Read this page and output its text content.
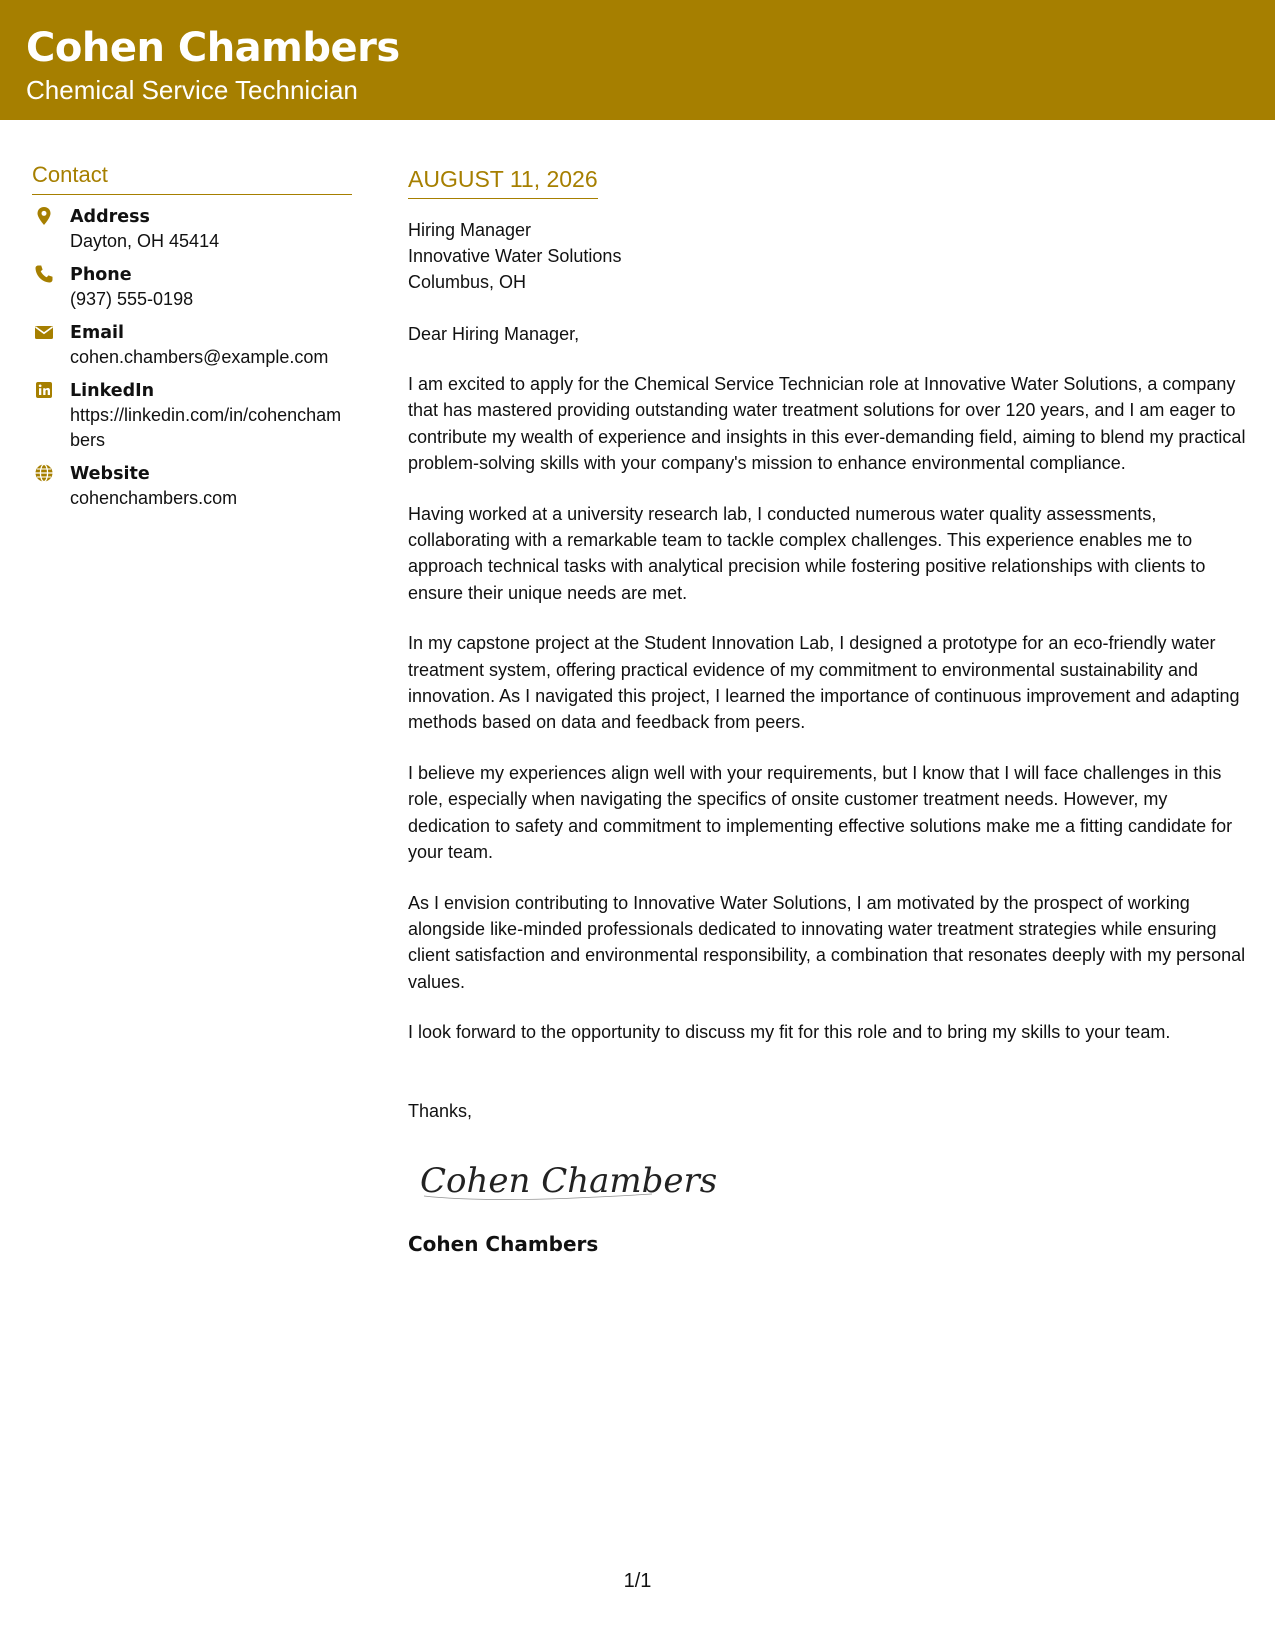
Cohen Chambers
Chemical Service Technician
Contact
Address
Dayton, OH 45414
Phone
(937) 555-0198
Email
cohen.chambers@example.com
LinkedIn
https://linkedin.com/in/cohenchambers
Website
cohenchambers.com
AUGUST 11, 2026
Hiring Manager
Innovative Water Solutions
Columbus, OH
Dear Hiring Manager,
I am excited to apply for the Chemical Service Technician role at Innovative Water Solutions, a company that has mastered providing outstanding water treatment solutions for over 120 years, and I am eager to contribute my wealth of experience and insights in this ever-demanding field, aiming to blend my practical problem-solving skills with your company's mission to enhance environmental compliance.
Having worked at a university research lab, I conducted numerous water quality assessments, collaborating with a remarkable team to tackle complex challenges. This experience enables me to approach technical tasks with analytical precision while fostering positive relationships with clients to ensure their unique needs are met.
In my capstone project at the Student Innovation Lab, I designed a prototype for an eco-friendly water treatment system, offering practical evidence of my commitment to environmental sustainability and innovation. As I navigated this project, I learned the importance of continuous improvement and adapting methods based on data and feedback from peers.
I believe my experiences align well with your requirements, but I know that I will face challenges in this role, especially when navigating the specifics of onsite customer treatment needs. However, my dedication to safety and commitment to implementing effective solutions make me a fitting candidate for your team.
As I envision contributing to Innovative Water Solutions, I am motivated by the prospect of working alongside like-minded professionals dedicated to innovating water treatment strategies while ensuring client satisfaction and environmental responsibility, a combination that resonates deeply with my personal values.
I look forward to the opportunity to discuss my fit for this role and to bring my skills to your team.
Thanks,
Cohen Chambers
Cohen Chambers
1/1
